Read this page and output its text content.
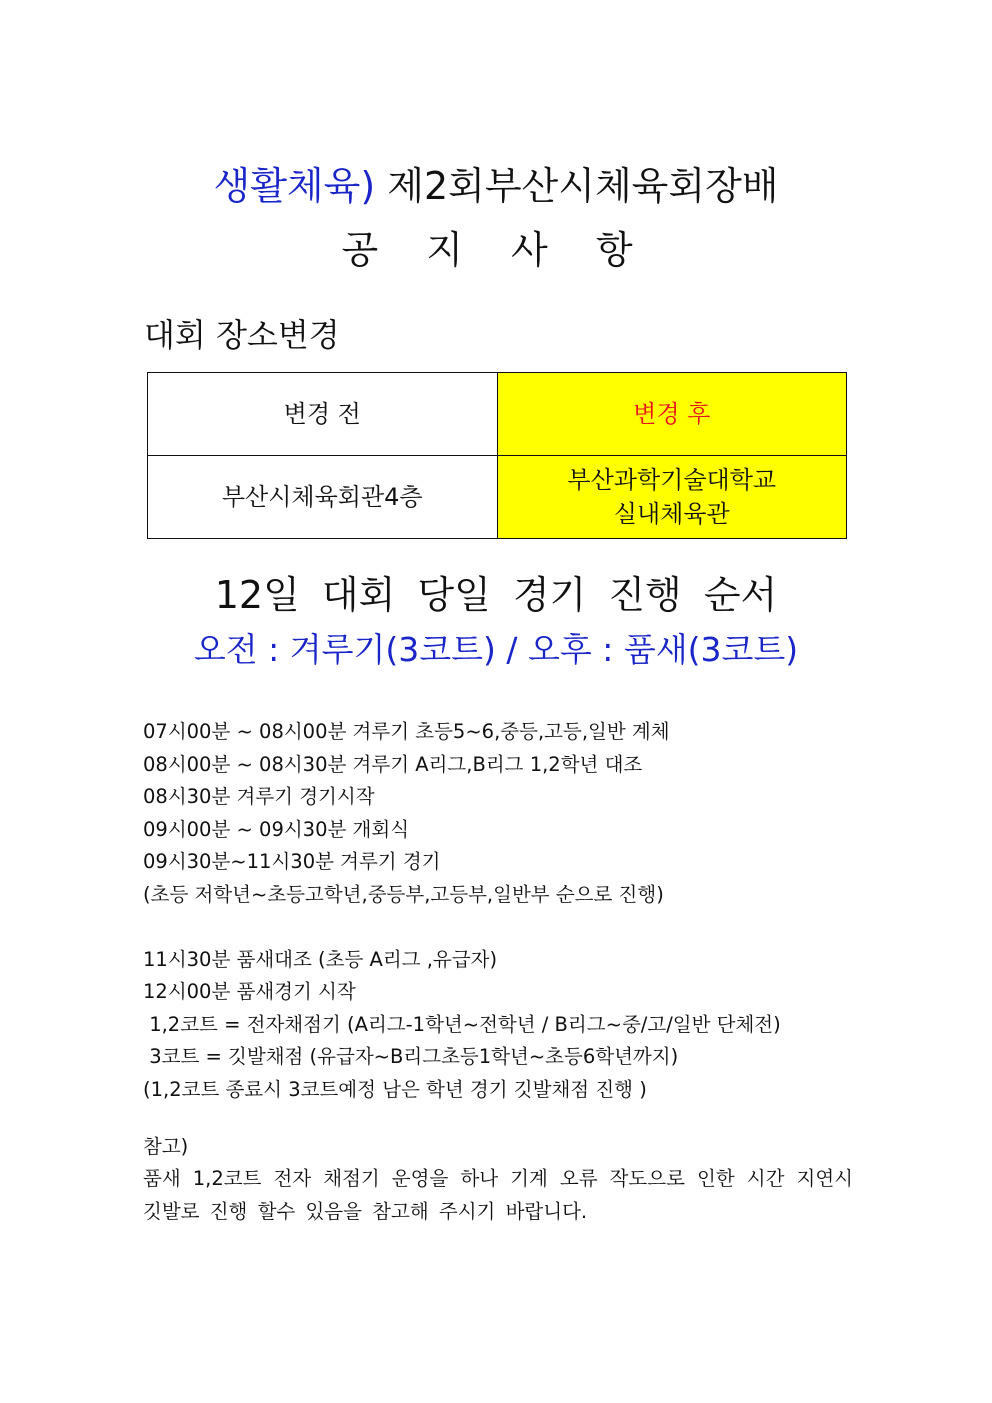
생활체육) 제2회부산시체육회장배
공 지 사 항
대회 장소변경
변경 전	변경 후
부산시체육회관4층	부산과학기술대학교
실내체육관
12일 대회 당일 경기 진행 순서
오전 : 겨루기(3코트) / 오후 : 품새(3코트)
07시00분 ~ 08시00분 겨루기 초등5~6,중등,고등,일반 계체
08시00분 ~ 08시30분 겨루기 A리그,B리그 1,2학년 대조
08시30분 겨루기 경기시작
09시00분 ~ 09시30분 개회식
09시30분~11시30분 겨루기 경기
(초등 저학년~초등고학년,중등부,고등부,일반부 순으로 진행)
11시30분 품새대조 (초등 A리그 ,유급자)
12시00분 품새경기 시작
1,2코트 = 전자채점기 (A리그-1학년~전학년 / B리그~중/고/일반 단체전)
3코트 = 깃발채점 (유급자~B리그초등1학년~초등6학년까지)
(1,2코트 종료시 3코트예정 남은 학년 경기 깃발채점 진행 )
참고)
품새 1,2코트 전자 채점기 운영을 하나 기계 오류 작도으로 인한 시간 지연시 깃발로 진행 할수 있음을 참고해 주시기 바랍니다.
